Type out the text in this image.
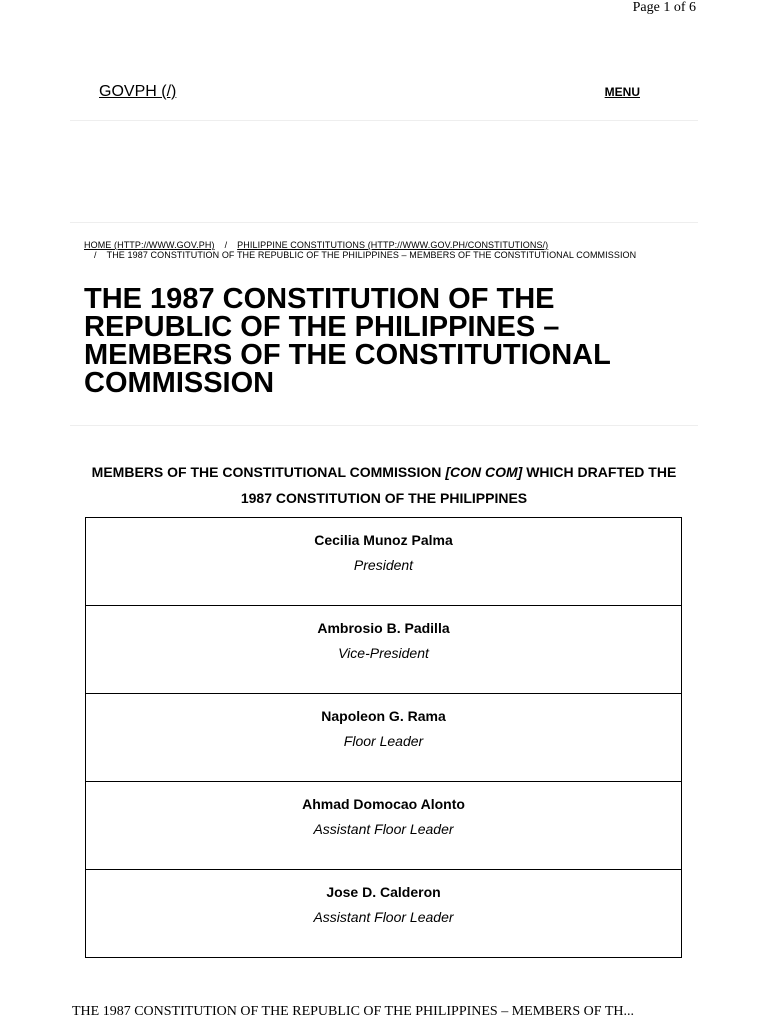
Page 1 of 6
GOVPH (/)	MENU
HOME (HTTP://WWW.GOV.PH) / PHILIPPINE CONSTITUTIONS (HTTP://WWW.GOV.PH/CONSTITUTIONS/)
/ THE 1987 CONSTITUTION OF THE REPUBLIC OF THE PHILIPPINES – MEMBERS OF THE CONSTITUTIONAL COMMISSION
THE 1987 CONSTITUTION OF THE REPUBLIC OF THE PHILIPPINES – MEMBERS OF THE CONSTITUTIONAL COMMISSION

MEMBERS OF THE CONSTITUTIONAL COMMISSION [CON COM] WHICH DRAFTED THE 1987 CONSTITUTION OF THE PHILIPPINES

Cecilia Munoz Palma
President

Ambrosio B. Padilla
Vice-President

Napoleon G. Rama
Floor Leader

Ahmad Domocao Alonto
Assistant Floor Leader

Jose D. Calderon
Assistant Floor Leader
THE 1987 CONSTITUTION OF THE REPUBLIC OF THE PHILIPPINES – MEMBERS OF TH...
